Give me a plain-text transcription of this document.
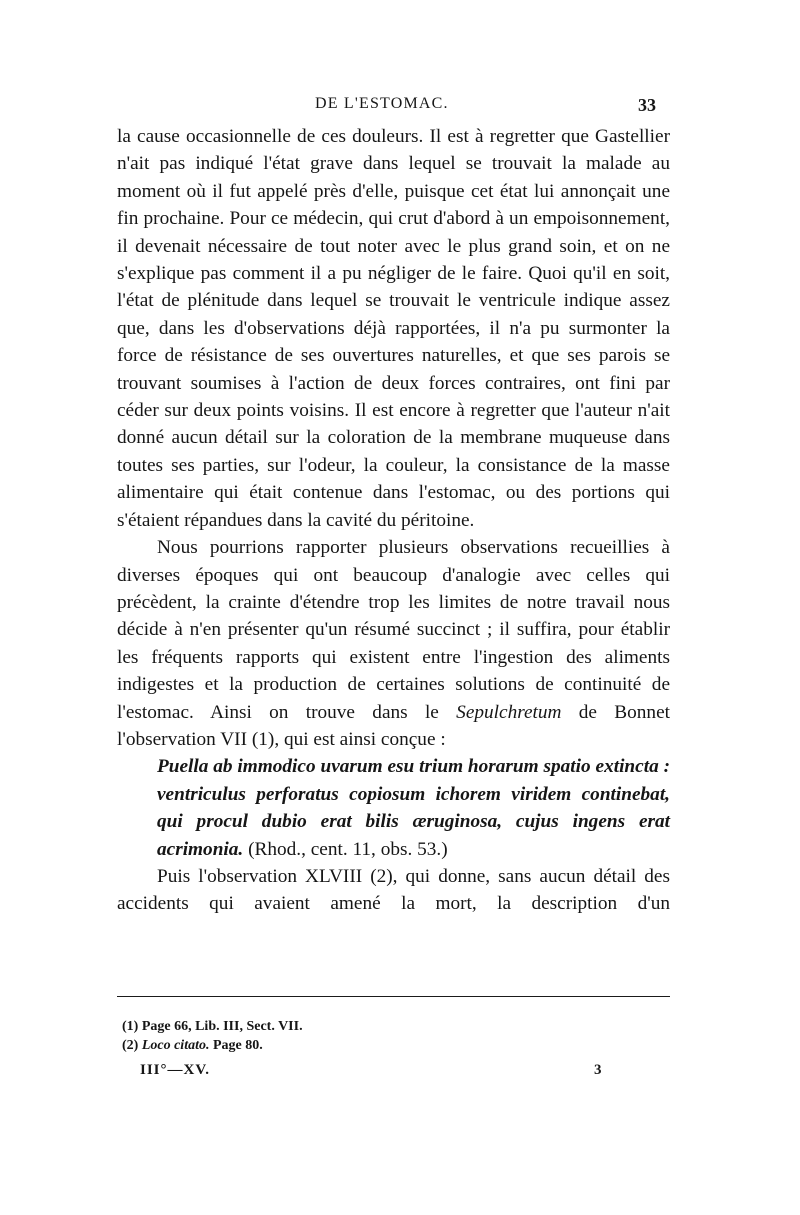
DE L'ESTOMAC.	33

la cause occasionnelle de ces douleurs. Il est à regretter que Gastellier n'ait pas indiqué l'état grave dans lequel se trouvait la malade au moment où il fut appelé près d'elle, puisque cet état lui annonçait une fin prochaine. Pour ce médecin, qui crut d'abord à un empoisonnement, il devenait nécessaire de tout noter avec le plus grand soin, et on ne s'explique pas comment il a pu négliger de le faire. Quoi qu'il en soit, l'état de plénitude dans lequel se trouvait le ventricule indique assez que, dans les d'observations déjà rapportées, il n'a pu surmonter la force de résistance de ses ouvertures naturelles, et que ses parois se trouvant soumises à l'action de deux forces contraires, ont fini par céder sur deux points voisins. Il est encore à regretter que l'auteur n'ait donné aucun détail sur la coloration de la membrane muqueuse dans toutes ses parties, sur l'odeur, la couleur, la consistance de la masse alimentaire qui était contenue dans l'estomac, ou des portions qui s'étaient répandues dans la cavité du péritoine.

Nous pourrions rapporter plusieurs observations recueillies à diverses époques qui ont beaucoup d'analogie avec celles qui précèdent, la crainte d'étendre trop les limites de notre travail nous décide à n'en présenter qu'un résumé succinct ; il suffira, pour établir les fréquents rapports qui existent entre l'ingestion des aliments indigestes et la production de certaines solutions de continuité de l'estomac. Ainsi on trouve dans le Sepulchretum de Bonnet l'observation VII (1), qui est ainsi conçue :

Puella ab immodico uvarum esu trium horarum spatio extincta : ventriculus perforatus copiosum ichorem viridem continebat, qui procul dubio erat bilis æruginosa, cujus ingens erat acrimonia. (Rhod., cent. 11, obs. 53.)

Puis l'observation XLVIII (2), qui donne, sans aucun détail des accidents qui avaient amené la mort, la description d'un

(1) Page 66, Lib. III, Sect. VII.
(2) Loco citato. Page 80.
III°—XV.	3
